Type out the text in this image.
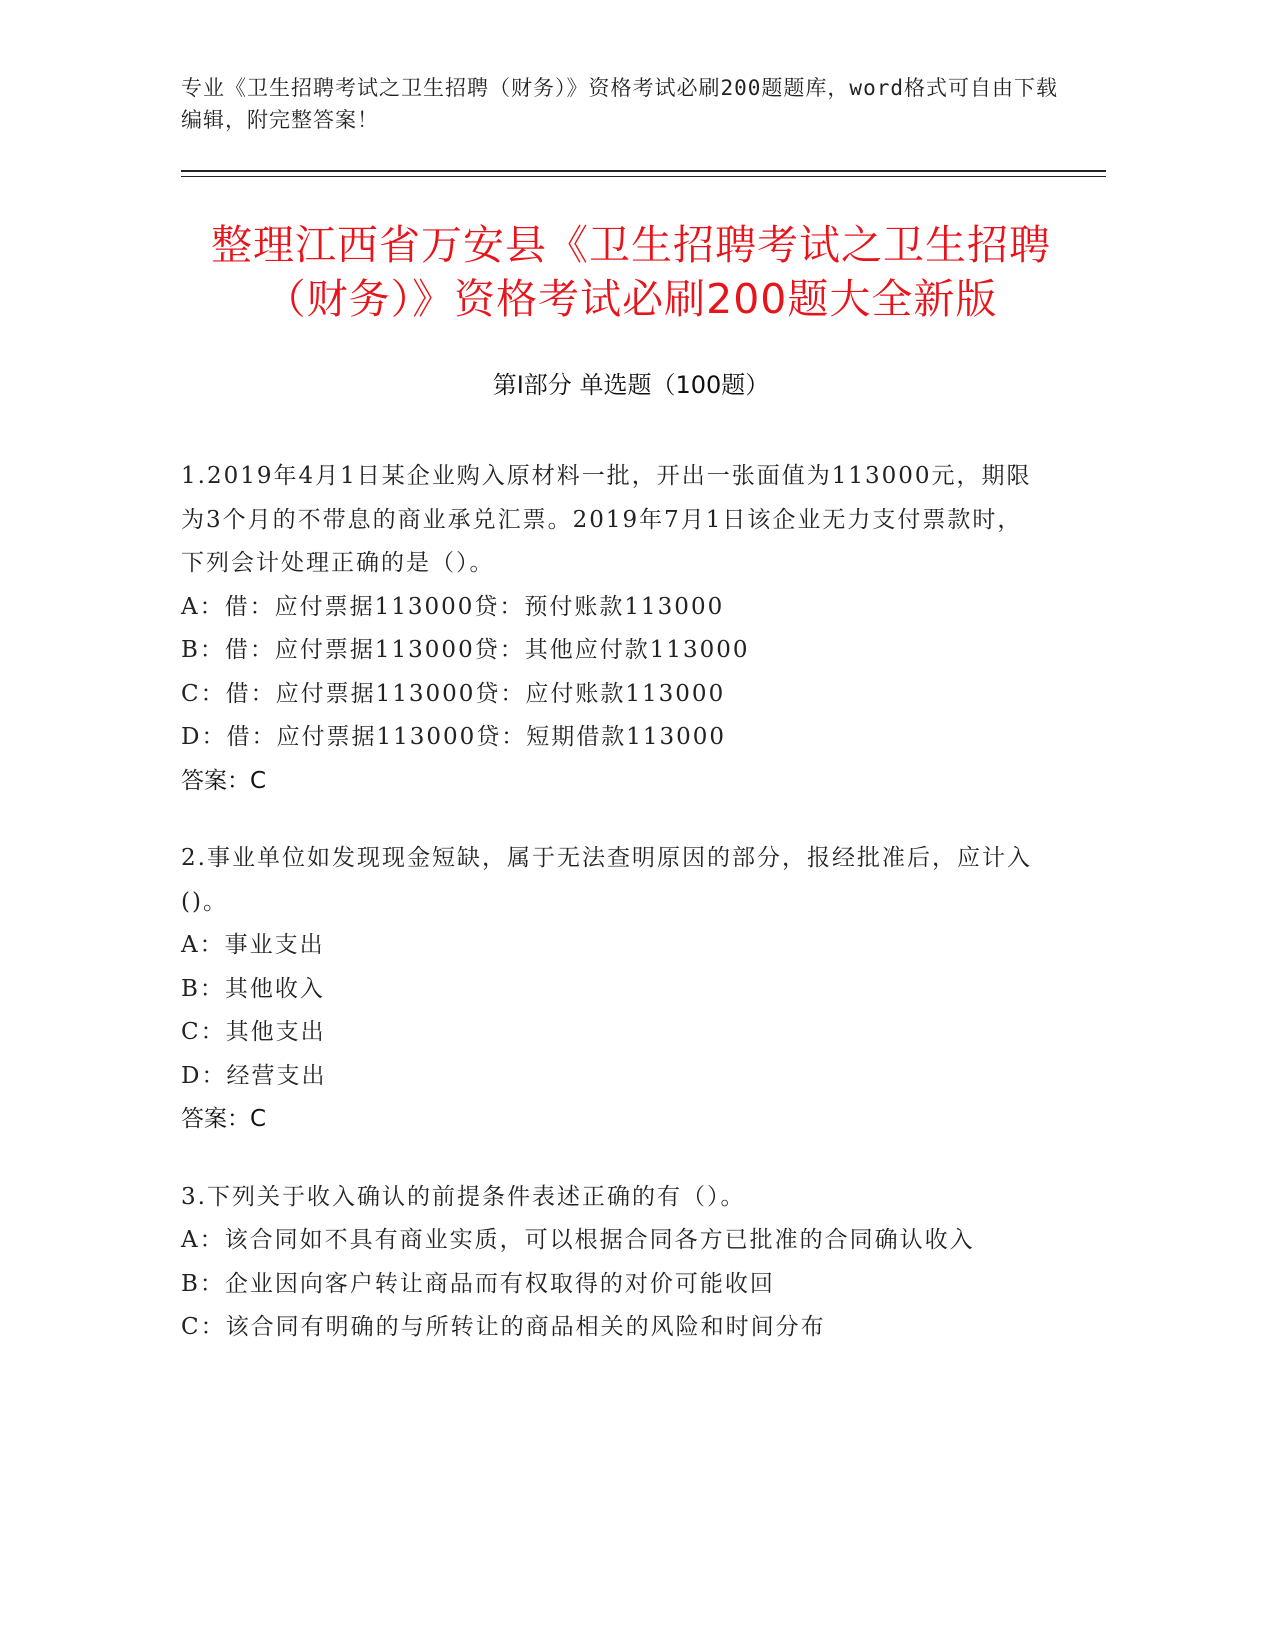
专业《卫生招聘考试之卫生招聘（财务）》资格考试必刷200题题库，word格式可自由下载编辑，附完整答案！
整理江西省万安县《卫生招聘考试之卫生招聘（财务）》资格考试必刷200题大全新版
第Ⅰ部分 单选题（100题）
1.2019年4月1日某企业购入原材料一批，开出一张面值为113000元，期限为3个月的不带息的商业承兑汇票。2019年7月1日该企业无力支付票款时，下列会计处理正确的是（）。
A：借：应付票据113000贷：预付账款113000
B：借：应付票据113000贷：其他应付款113000
C：借：应付票据113000贷：应付账款113000
D：借：应付票据113000贷：短期借款113000
答案：C
2.事业单位如发现现金短缺，属于无法查明原因的部分，报经批准后，应计入()。
A：事业支出
B：其他收入
C：其他支出
D：经营支出
答案：C
3.下列关于收入确认的前提条件表述正确的有（）。
A：该合同如不具有商业实质，可以根据合同各方已批准的合同确认收入
B：企业因向客户转让商品而有权取得的对价可能收回
C：该合同有明确的与所转让的商品相关的风险和时间分布
